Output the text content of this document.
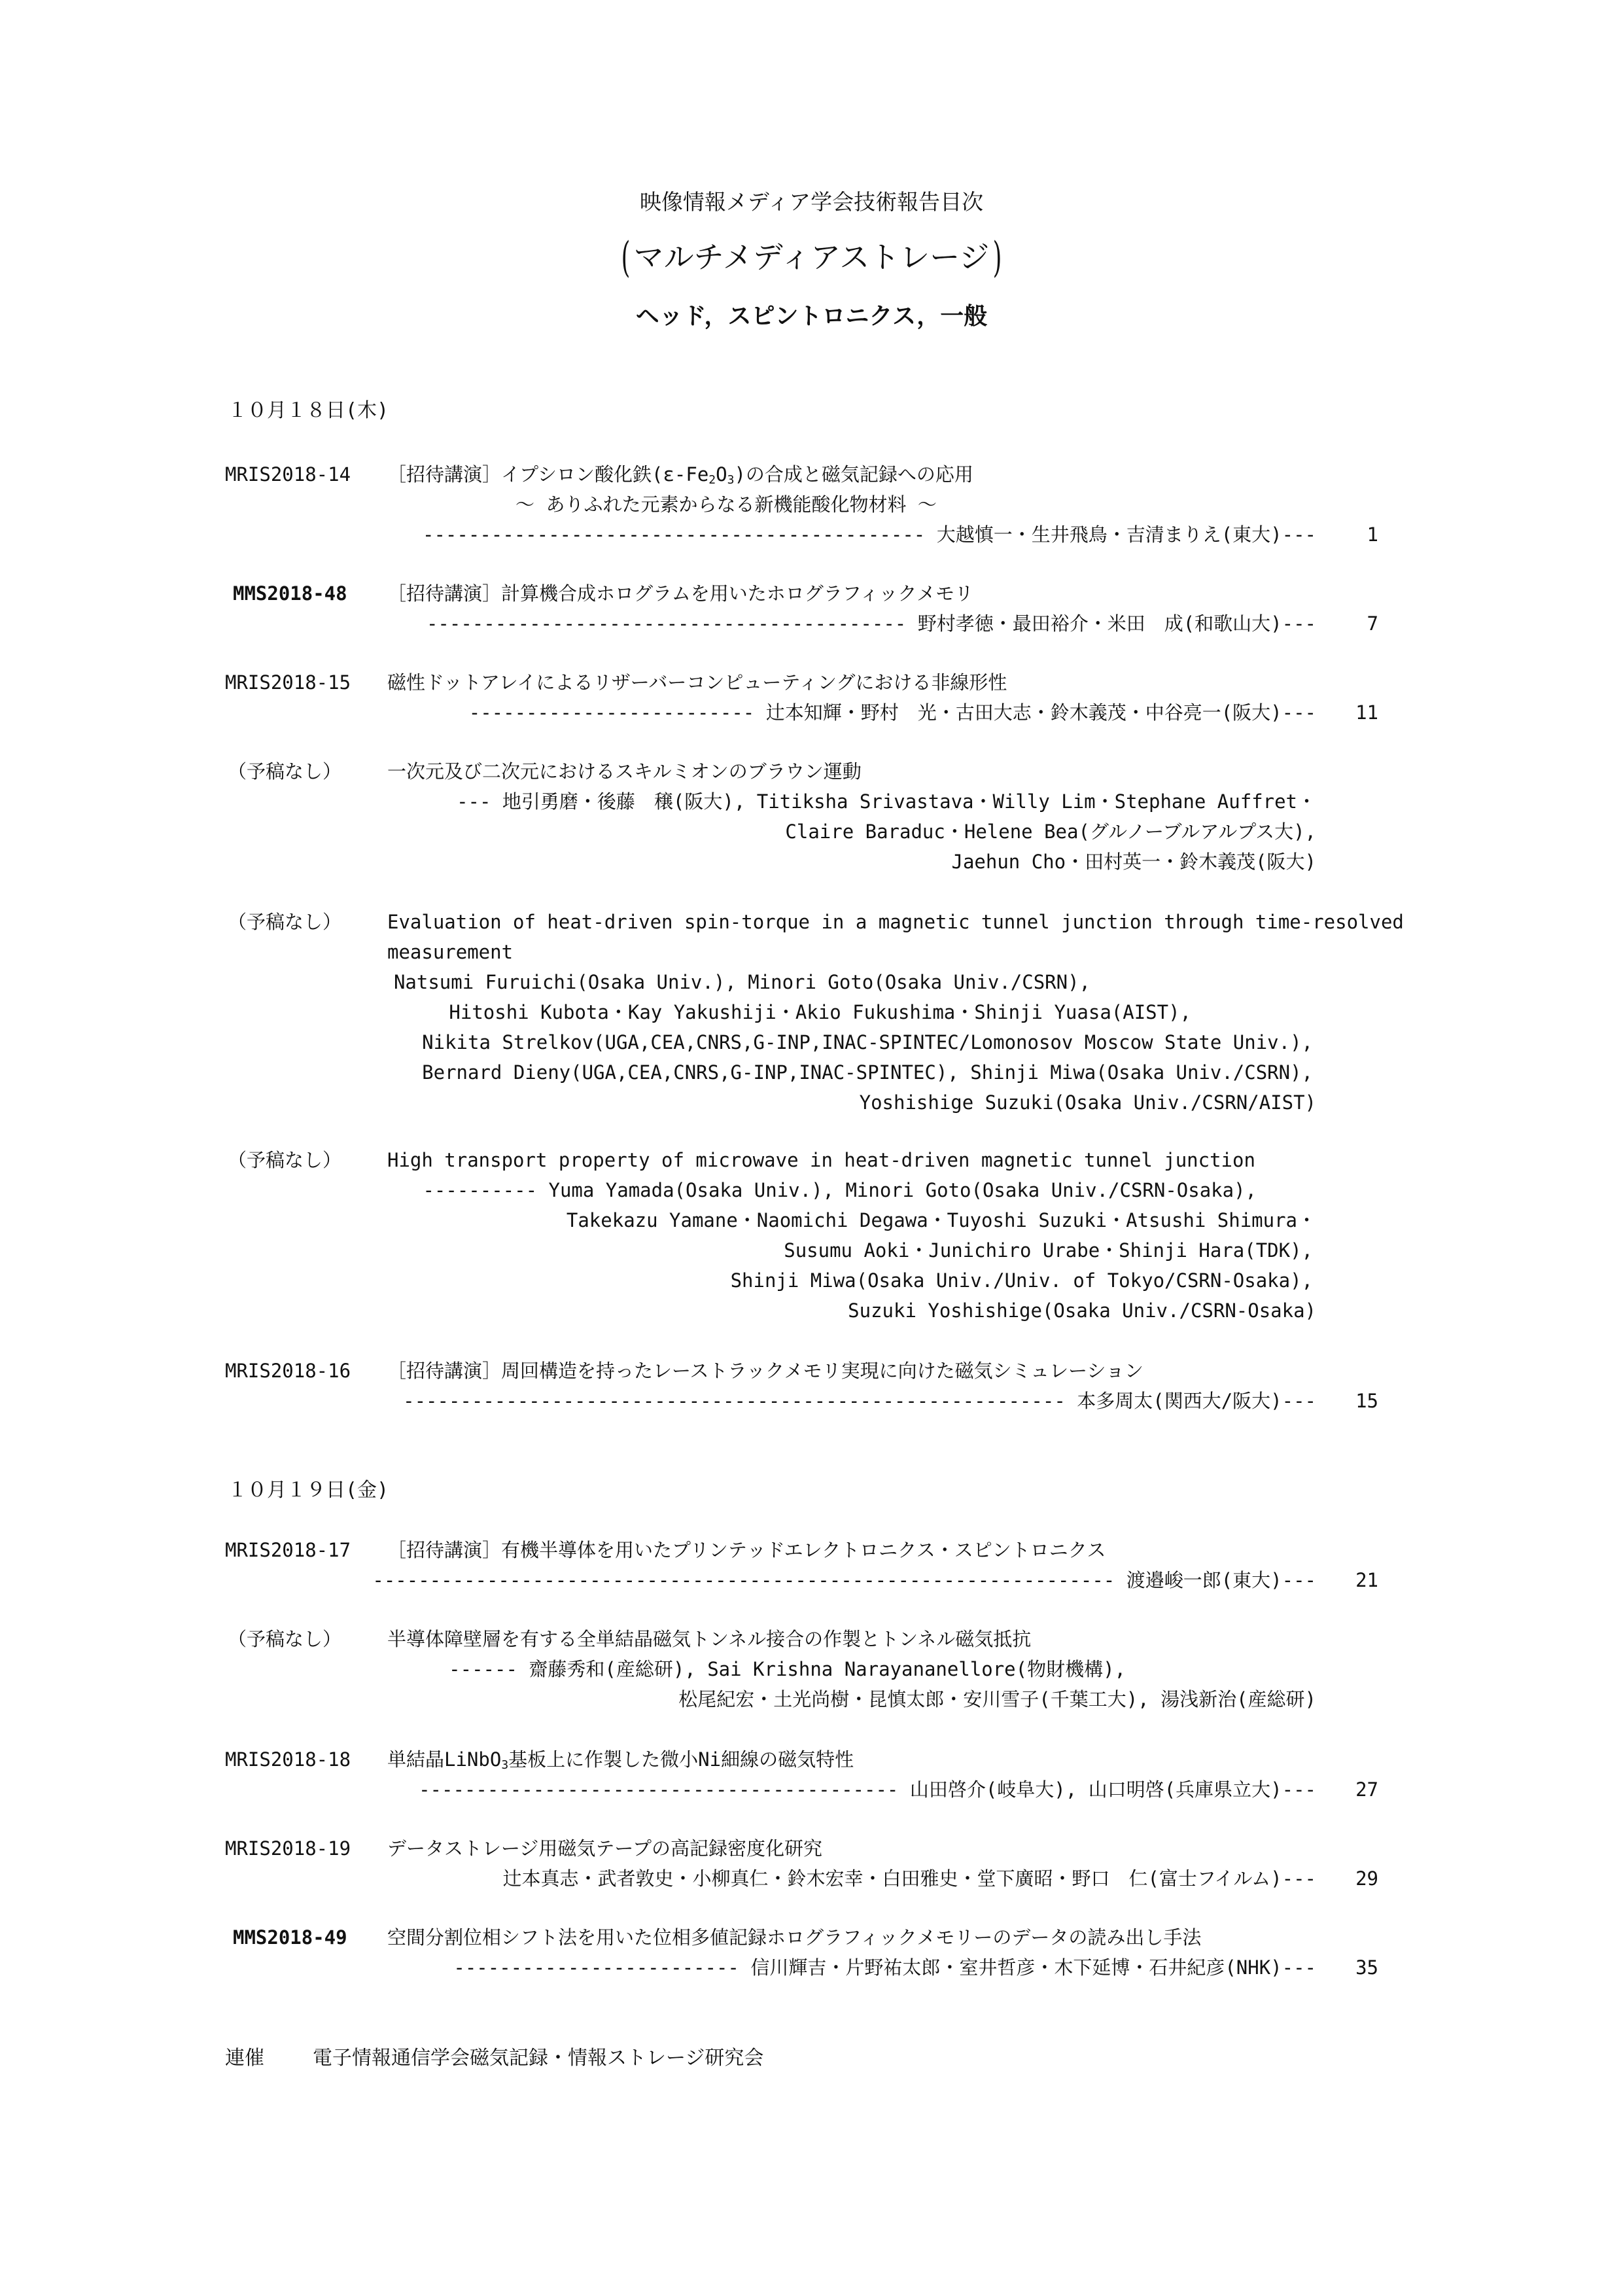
映像情報メディア学会技術報告目次
( マルチメディアストレージ)
ヘッド，スピントロニクス，一般
１０月１８日(木)
MRIS2018-14 ［招待講演］イプシロン酸化鉄$(\varepsilon-Fe_2O_3)$の合成と磁気記録への応用
～ ありふれた元素からなる新機能酸化物材料 ～
-------------------------------------------- 大越慎一・生井飛鳥・吉清まりえ(東大)---	1
MMS2018-48 ［招待講演］計算機合成ホログラムを用いたホログラフィックメモリ
------------------------------------------ 野村孝徳・最田裕介・米田　成(和歌山大)---	7
MRIS2018-15 磁性ドットアレイによるリザーバーコンピューティングにおける非線形性
------------------------- 辻本知輝・野村　光・古田大志・鈴木義茂・中谷亮一(阪大)---	11
（予稿なし） 一次元及び二次元におけるスキルミオンのブラウン運動
--- 地引勇磨・後藤　穣(阪大), Titiksha Srivastava・Willy Lim・Stephane Auffret・
Claire Baraduc・Helene Bea(グルノーブルアルプス大),
Jaehun Cho・田村英一・鈴木義茂(阪大)
（予稿なし） Evaluation of heat-driven spin-torque in a magnetic tunnel junction through time-resolved
measurement
Natsumi Furuichi(Osaka Univ.), Minori Goto(Osaka Univ./CSRN),
Hitoshi Kubota・Kay Yakushiji・Akio Fukushima・Shinji Yuasa(AIST),
Nikita Strelkov(UGA,CEA,CNRS,G-INP,INAC-SPINTEC/Lomonosov Moscow State Univ.),
Bernard Dieny(UGA,CEA,CNRS,G-INP,INAC-SPINTEC), Shinji Miwa(Osaka Univ./CSRN),
Yoshishige Suzuki(Osaka Univ./CSRN/AIST)
（予稿なし） High transport property of microwave in heat-driven magnetic tunnel junction
---------- Yuma Yamada(Osaka Univ.), Minori Goto(Osaka Univ./CSRN-Osaka),
Takekazu Yamane・Naomichi Degawa・Tuyoshi Suzuki・Atsushi Shimura・
Susumu Aoki・Junichiro Urabe・Shinji Hara(TDK),
Shinji Miwa(Osaka Univ./Univ. of Tokyo/CSRN-Osaka),
Suzuki Yoshishige(Osaka Univ./CSRN-Osaka)
MRIS2018-16 ［招待講演］周回構造を持ったレーストラックメモリ実現に向けた磁気シミュレーション
---------------------------------------------------------- 本多周太(関西大/阪大)---	15
１０月１９日(金)
MRIS2018-17 ［招待講演］有機半導体を用いたプリンテッドエレクトロニクス・スピントロニクス
----------------------------------------------------------------- 渡邉峻一郎(東大)---	21
（予稿なし） 半導体障壁層を有する全単結晶磁気トンネル接合の作製とトンネル磁気抵抗
------ 齋藤秀和(産総研), Sai Krishna Narayananellore(物財機構),
松尾紀宏・土光尚樹・昆慎太郎・安川雪子(千葉工大), 湯浅新治(産総研)
MRIS2018-18 単結晶LiNbO$_3$基板上に作製した微小Ni細線の磁気特性
------------------------------------------ 山田啓介(岐阜大), 山口明啓(兵庫県立大)---	27
MRIS2018-19 データストレージ用磁気テープの高記録密度化研究
辻本真志・武者敦史・小柳真仁・鈴木宏幸・白田雅史・堂下廣昭・野口　仁(富士フイルム)---	29
MMS2018-49 空間分割位相シフト法を用いた位相多値記録ホログラフィックメモリーのデータの読み出し手法
------------------------- 信川輝吉・片野祐太郎・室井哲彦・木下延博・石井紀彦(NHK)---	35
連催 電子情報通信学会磁気記録・情報ストレージ研究会
